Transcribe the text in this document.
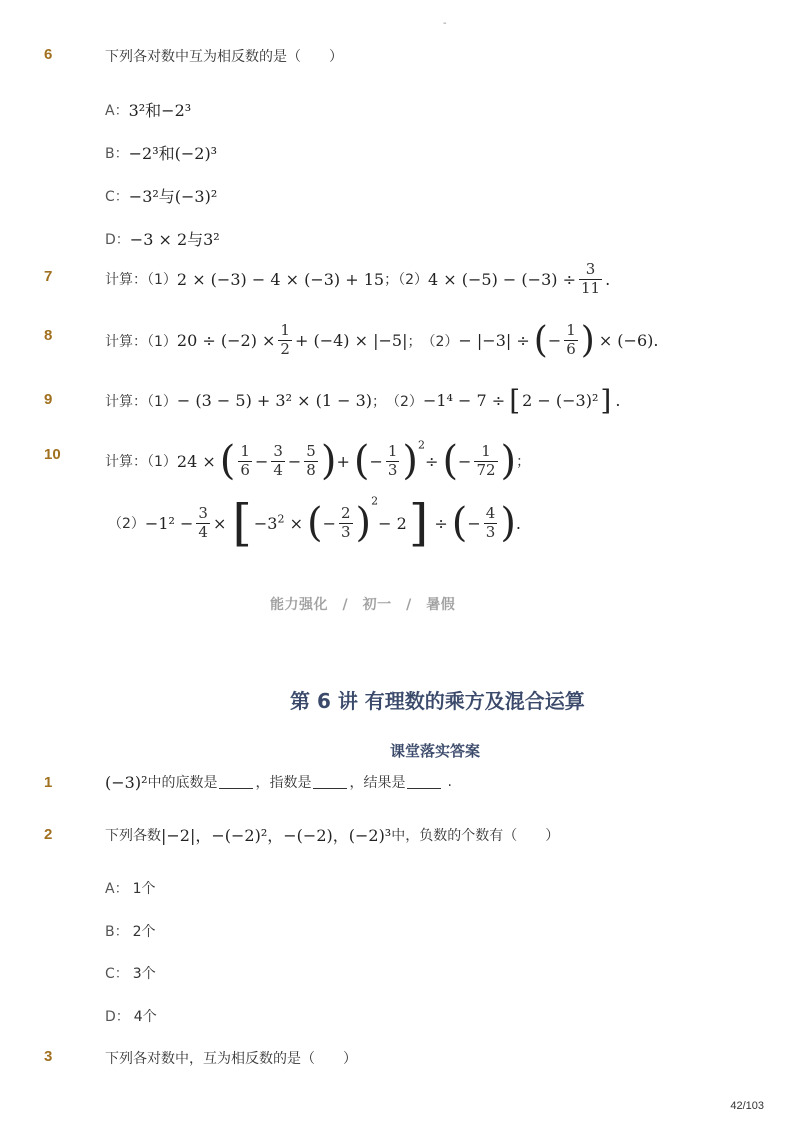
-
6	下列各对数中互为相反数的是（　　）
A： 3²和−2³
B： −2³和(−2)³
C： −3²与(−3)²
D： −3 × 2与3²
7	计算：（1） 2 × (−3) − 4 × (−3) + 15 ；（2） $4 \times (-5) - (-3) \div \frac{3}{11}$ .
8	计算：（1） $20 \div (-2) \times \frac{1}{2} + (-4) \times |-5|$ ；　（2） − |−3| ÷ ( − $\frac{1}{6}$ ) × (−6) .
9	计算：（1） − (3 − 5) + 3² × (1 − 3) ；　（2） −1⁴ − 7 ÷ [ 2 − (−3)² ] .
10	计算：（1） 24 × ( $\frac{1}{6} - \frac{3}{4} - \frac{5}{8}$ ) + ( − $\frac{1}{3}$ ) $^2$
÷ ( − $\frac{1}{72}$ ) ；
$(2) -1^2 - \frac{3}{4}$ × [ $-3^2$ × ( − $\frac{2}{3}$ ) $^2$
− 2 ] ÷ ( − $\frac{4}{3}$ ) .
能力强化　/　初一　/　暑假
第 6 讲 有理数的乘方及混合运算
课堂落实答案
1	(−3)² 中的底数是	，指数是	，结果是	.
2	下列各数 |−2|，−(−2)²，−(−2)，(−2)³ 中，负数的个数有（　　）
A： 1个
B： 2个
C： 3个
D： 4个
3	下列各对数中，互为相反数的是（　　）
42/103
